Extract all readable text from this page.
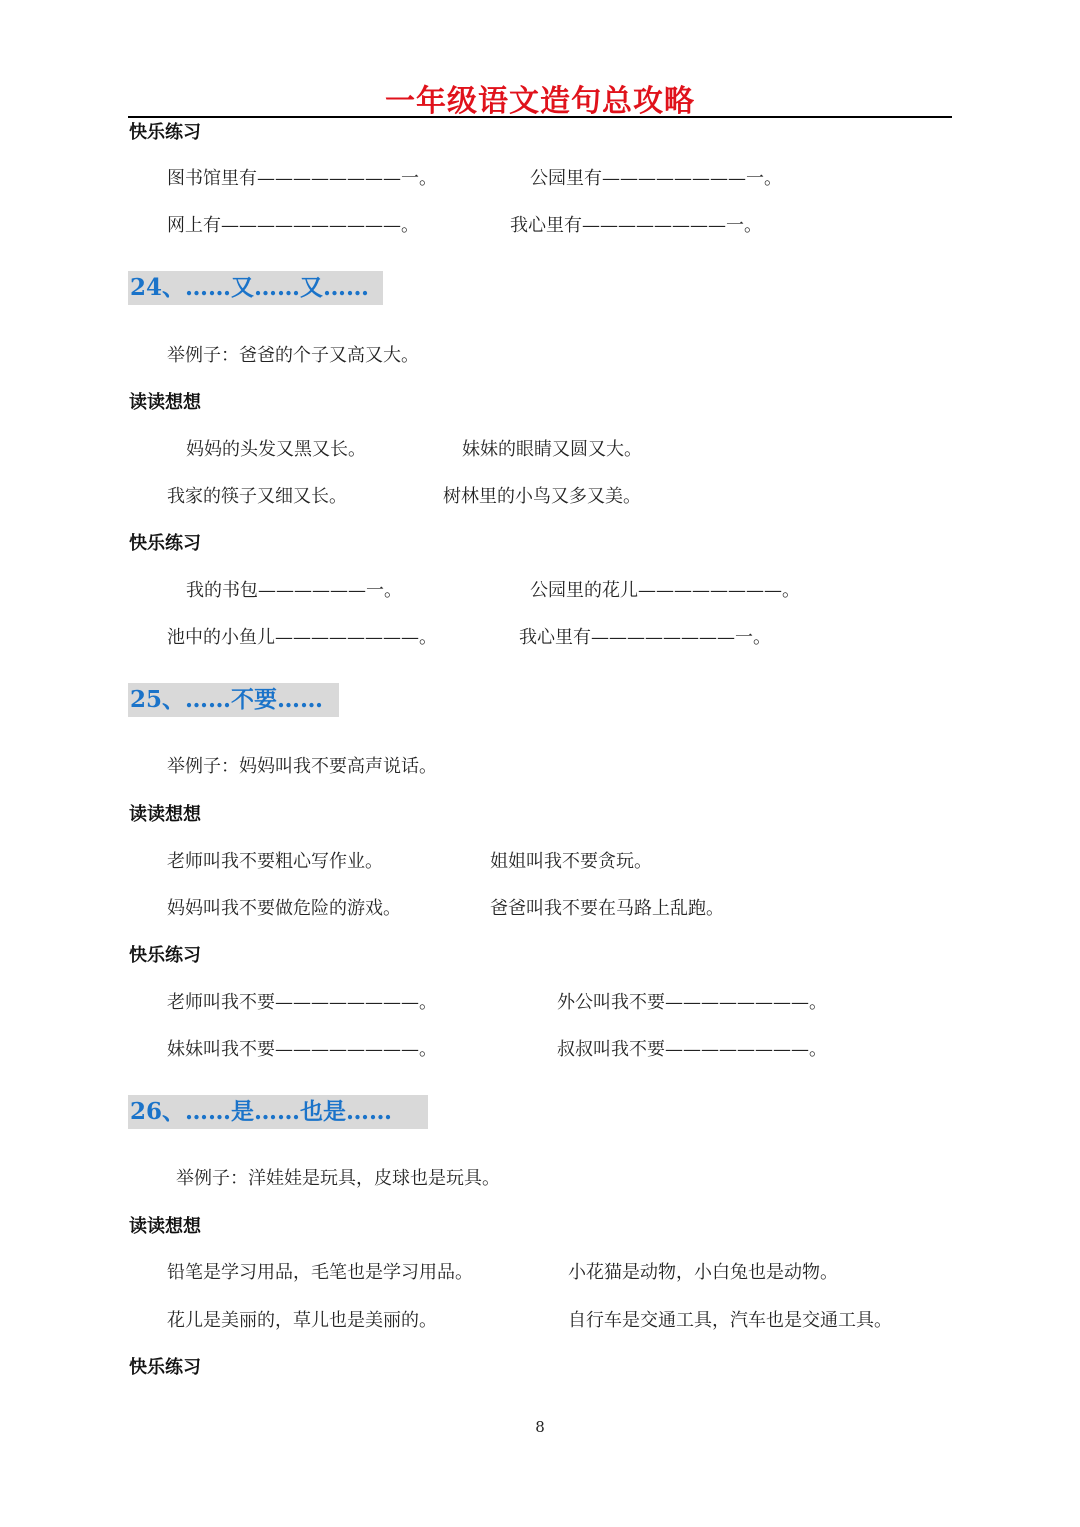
一年级语文造句总攻略
快乐练习
图书馆里有————————一。	公园里有————————一。
网上有——————————。	我心里有————————一。
24、……又……又……
举例子：爸爸的个子又高又大。
读读想想
妈妈的头发又黑又长。	妹妹的眼睛又圆又大。
我家的筷子又细又长。	树林里的小鸟又多又美。
快乐练习
我的书包——————一。	公园里的花儿————————。
池中的小鱼儿————————。	我心里有————————一。
25、……不要……
举例子：妈妈叫我不要高声说话。
读读想想
老师叫我不要粗心写作业。	姐姐叫我不要贪玩。
妈妈叫我不要做危险的游戏。	爸爸叫我不要在马路上乱跑。
快乐练习
老师叫我不要————————。	外公叫我不要————————。
妹妹叫我不要————————。	叔叔叫我不要————————。
26、……是……也是……
举例子：洋娃娃是玩具，皮球也是玩具。
读读想想
铅笔是学习用品，毛笔也是学习用品。	小花猫是动物，小白兔也是动物。
花儿是美丽的，草儿也是美丽的。	自行车是交通工具，汽车也是交通工具。
快乐练习
8
